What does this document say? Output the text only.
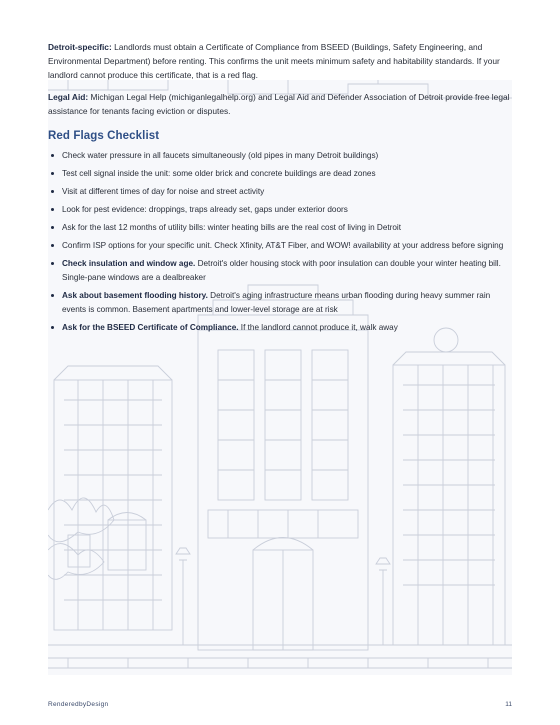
Detroit-specific: Landlords must obtain a Certificate of Compliance from BSEED (Buildings, Safety Engineering, and Environmental Department) before renting. This confirms the unit meets minimum safety and habitability standards. If your landlord cannot produce this certificate, that is a red flag.

Legal Aid: Michigan Legal Help (michiganlegalhelp.org) and Legal Aid and Defender Association of Detroit provide free legal assistance for tenants facing eviction or disputes.

Red Flags Checklist
Check water pressure in all faucets simultaneously (old pipes in many Detroit buildings)
Test cell signal inside the unit: some older brick and concrete buildings are dead zones
Visit at different times of day for noise and street activity
Look for pest evidence: droppings, traps already set, gaps under exterior doors
Ask for the last 12 months of utility bills: winter heating bills are the real cost of living in Detroit
Confirm ISP options for your specific unit. Check Xfinity, AT&T Fiber, and WOW! availability at your address before signing
Check insulation and window age. Detroit's older housing stock with poor insulation can double your winter heating bill. Single-pane windows are a dealbreaker
Ask about basement flooding history. Detroit's aging infrastructure means urban flooding during heavy summer rain events is common. Basement apartments and lower-level storage are at risk
Ask for the BSEED Certificate of Compliance. If the landlord cannot produce it, walk away
RenderedbyDesign	11
